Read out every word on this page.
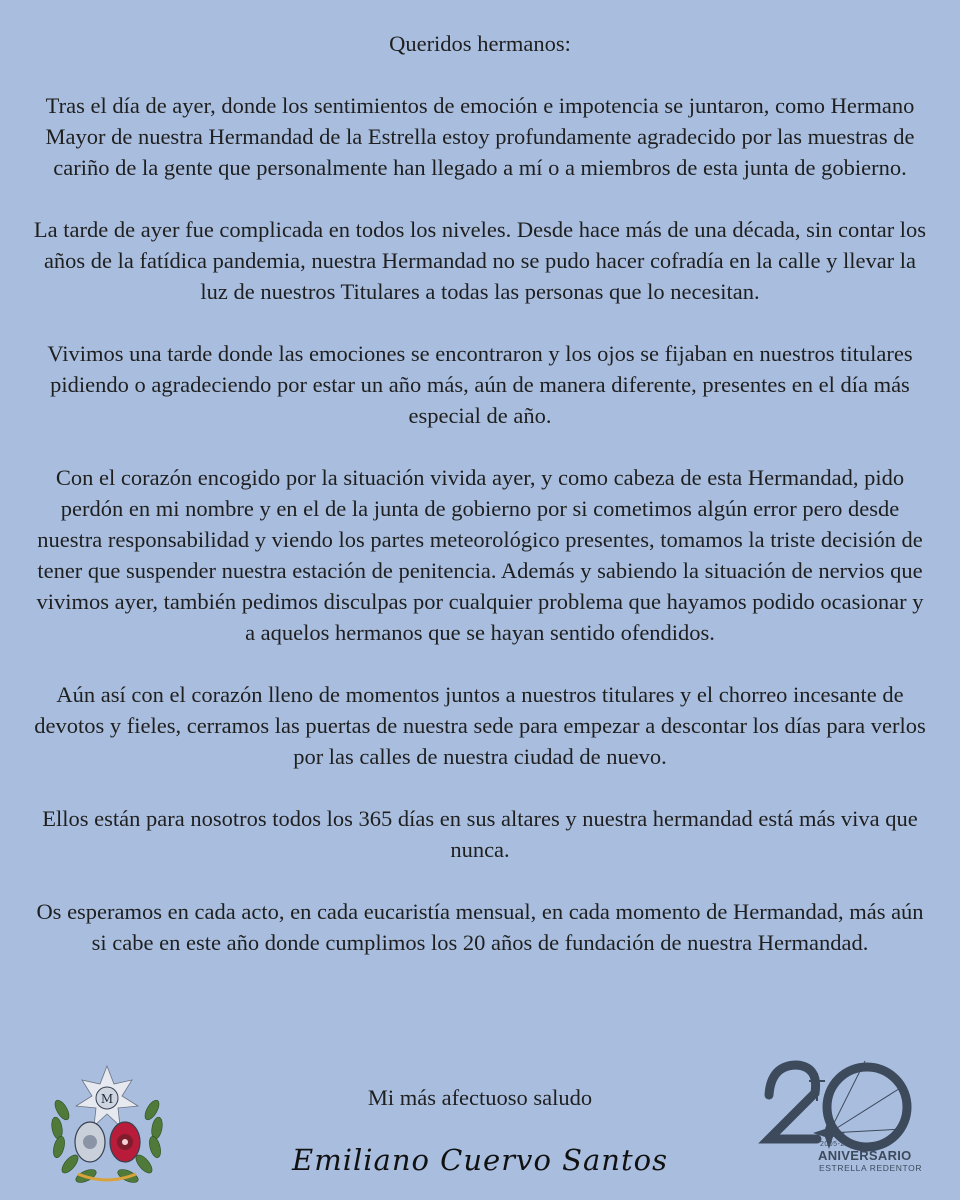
Queridos hermanos:

Tras el día de ayer, donde los sentimientos de emoción e impotencia se juntaron, como Hermano Mayor de nuestra Hermandad de la Estrella estoy profundamente agradecido por las muestras de cariño de la gente que personalmente han llegado a mí o a miembros de esta junta de gobierno.

La tarde de ayer fue complicada en todos los niveles. Desde hace más de una década, sin contar los años de la fatídica pandemia, nuestra Hermandad no se pudo hacer cofradía en la calle y llevar la luz de nuestros Titulares a todas las personas que lo necesitan.

Vivimos una tarde donde las emociones se encontraron y los ojos se fijaban en nuestros titulares pidiendo o agradeciendo por estar un año más, aún de manera diferente, presentes en el día más especial de año.

Con el corazón encogido por la situación vivida ayer, y como cabeza de esta Hermandad, pido perdón en mi nombre y en el de la junta de gobierno por si cometimos algún error pero desde nuestra responsabilidad y viendo los partes meteorológico presentes, tomamos la triste decisión de tener que suspender nuestra estación de penitencia. Además y sabiendo la situación de nervios que vivimos ayer, también pedimos disculpas por cualquier problema que hayamos podido ocasionar y a aquelos hermanos que se hayan sentido ofendidos.

Aún así con el corazón lleno de momentos juntos a nuestros titulares y el chorreo incesante de devotos y fieles, cerramos las puertas de nuestra sede para empezar a descontar los días para verlos por las calles de nuestra ciudad de nuevo.

Ellos están para nosotros todos los 365 días en sus altares y nuestra hermandad está más viva que nunca.

Os esperamos en cada acto, en cada eucaristía mensual, en cada momento de Hermandad, más aún si cabe en este año donde cumplimos los 20 años de fundación de nuestra Hermandad.

Mi más afectuoso saludo
Emiliano Cuervo Santos
M
2005-2025
ANIVERSARIO
ESTRELLA REDENTOR
